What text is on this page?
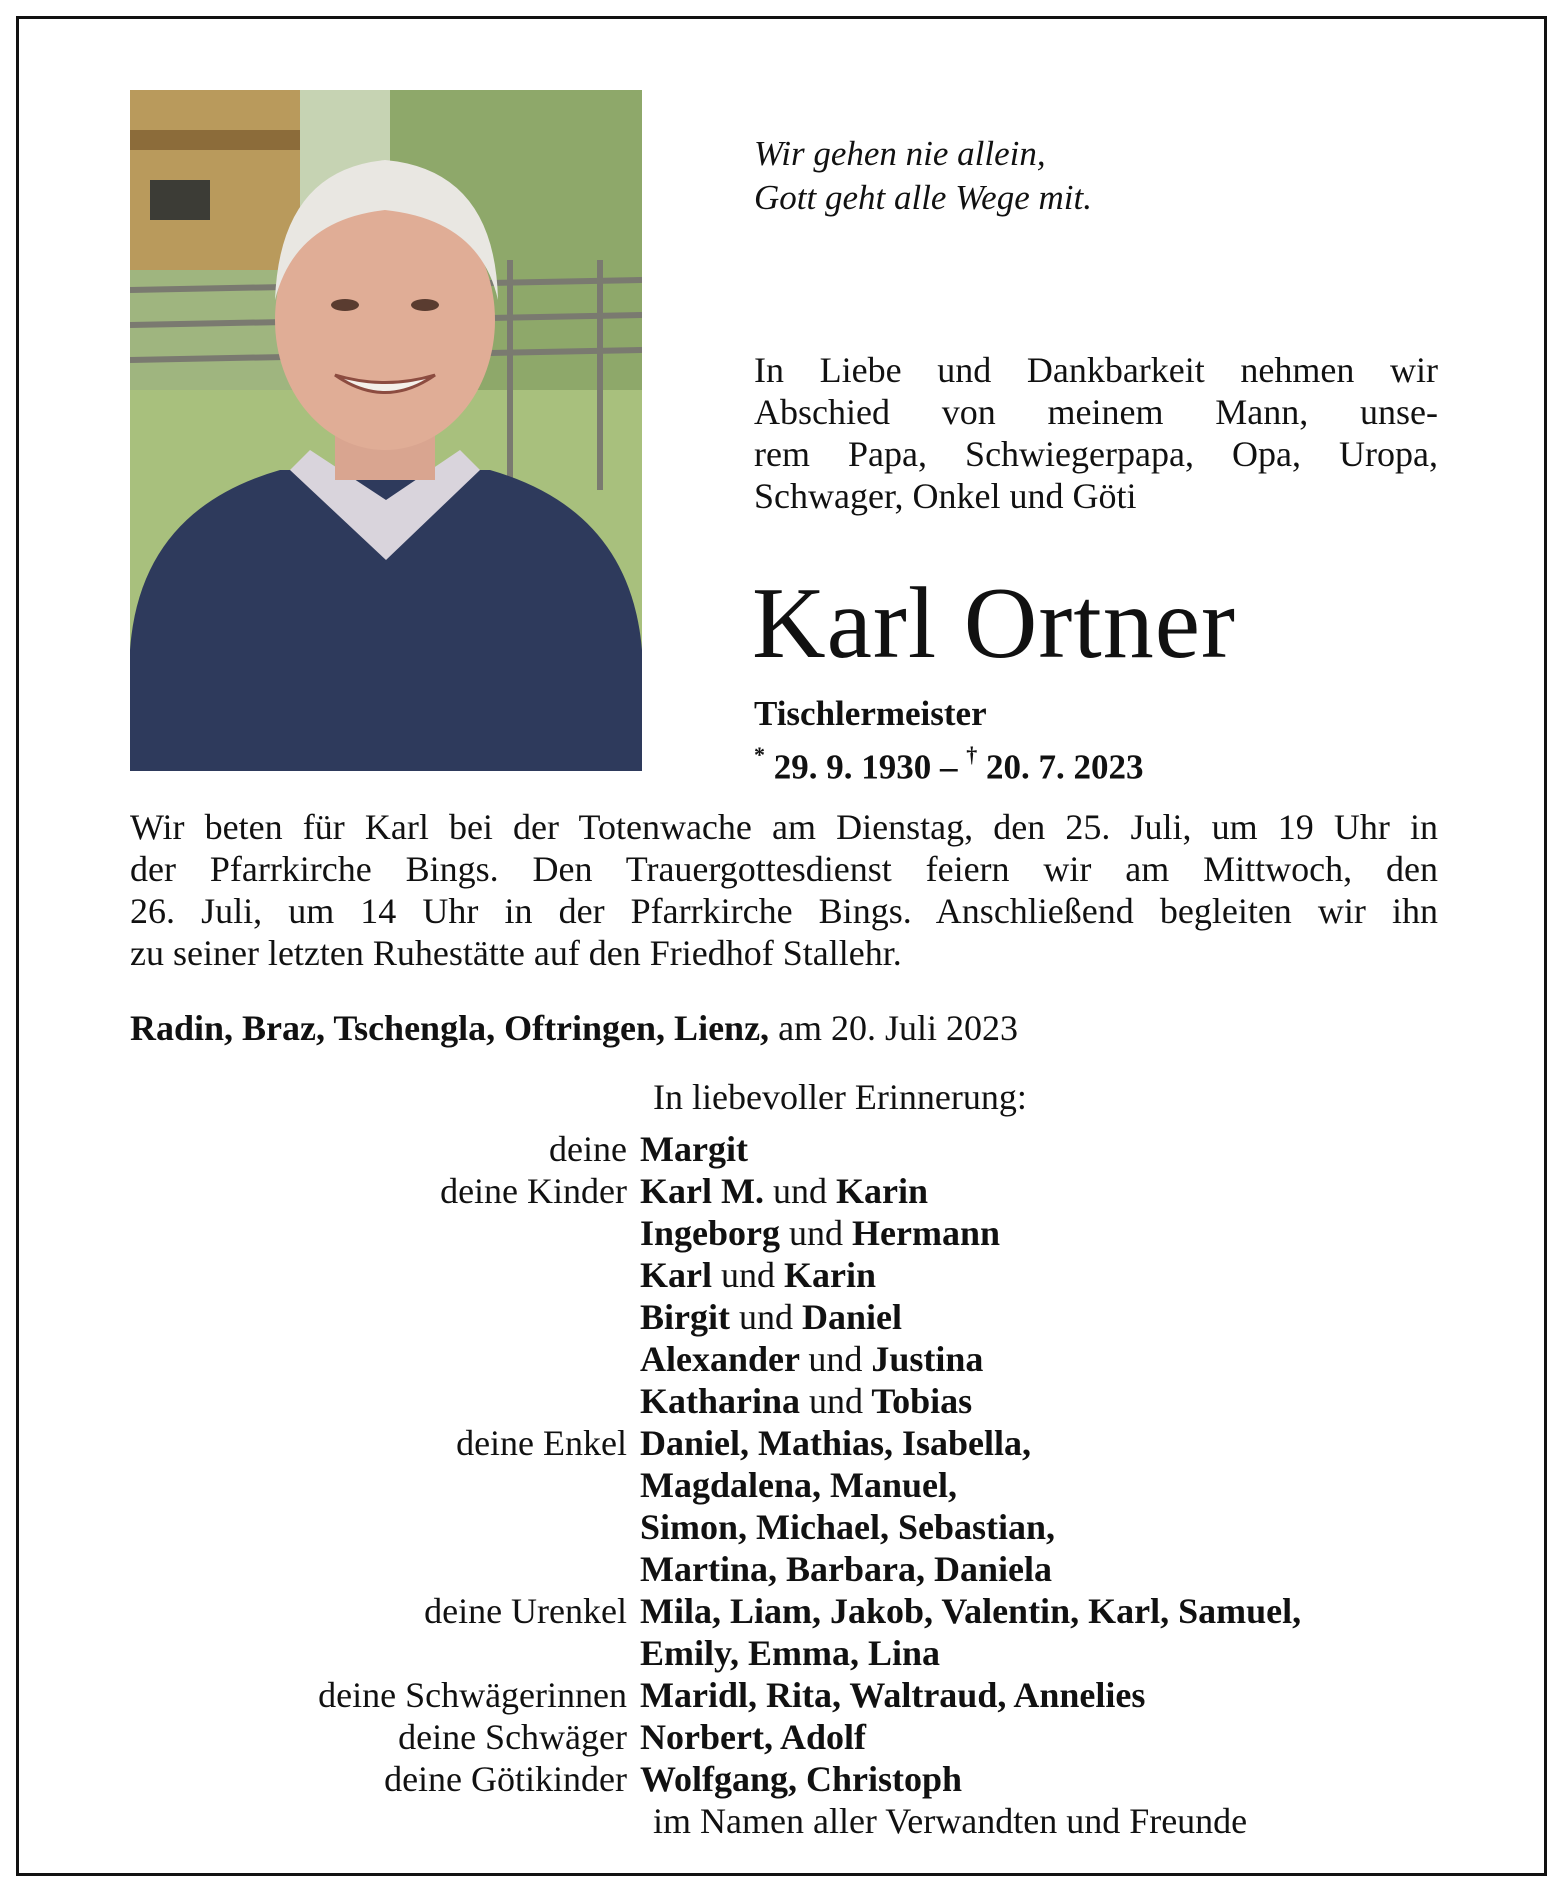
Wir gehen nie allein,
Gott geht alle Wege mit.
In Liebe und Dankbarkeit nehmen wir
Abschied von meinem Mann, unse-
rem Papa, Schwiegerpapa, Opa, Uropa,
Schwager, Onkel und Göti
Karl Ortner
Tischlermeister
* 29. 9. 1930 – † 20. 7. 2023
Wir beten für Karl bei der Totenwache am Dienstag, den 25. Juli, um 19 Uhr in
der Pfarrkirche Bings. Den Trauergottesdienst feiern wir am Mittwoch, den
26. Juli, um 14 Uhr in der Pfarrkirche Bings. Anschließend begleiten wir ihn
zu seiner letzten Ruhestätte auf den Friedhof Stallehr.
Radin, Braz, Tschengla, Oftringen, Lienz, am 20. Juli 2023
In liebevoller Erinnerung:
deine Margit
deine Kinder Karl M. und Karin
Ingeborg und Hermann
Karl und Karin
Birgit und Daniel
Alexander und Justina
Katharina und Tobias
deine Enkel Daniel, Mathias, Isabella,
Magdalena, Manuel,
Simon, Michael, Sebastian,
Martina, Barbara, Daniela
deine Urenkel Mila, Liam, Jakob, Valentin, Karl, Samuel,
Emily, Emma, Lina
deine Schwägerinnen Maridl, Rita, Waltraud, Annelies
deine Schwäger Norbert, Adolf
deine Götikinder Wolfgang, Christoph
im Namen aller Verwandten und Freunde
